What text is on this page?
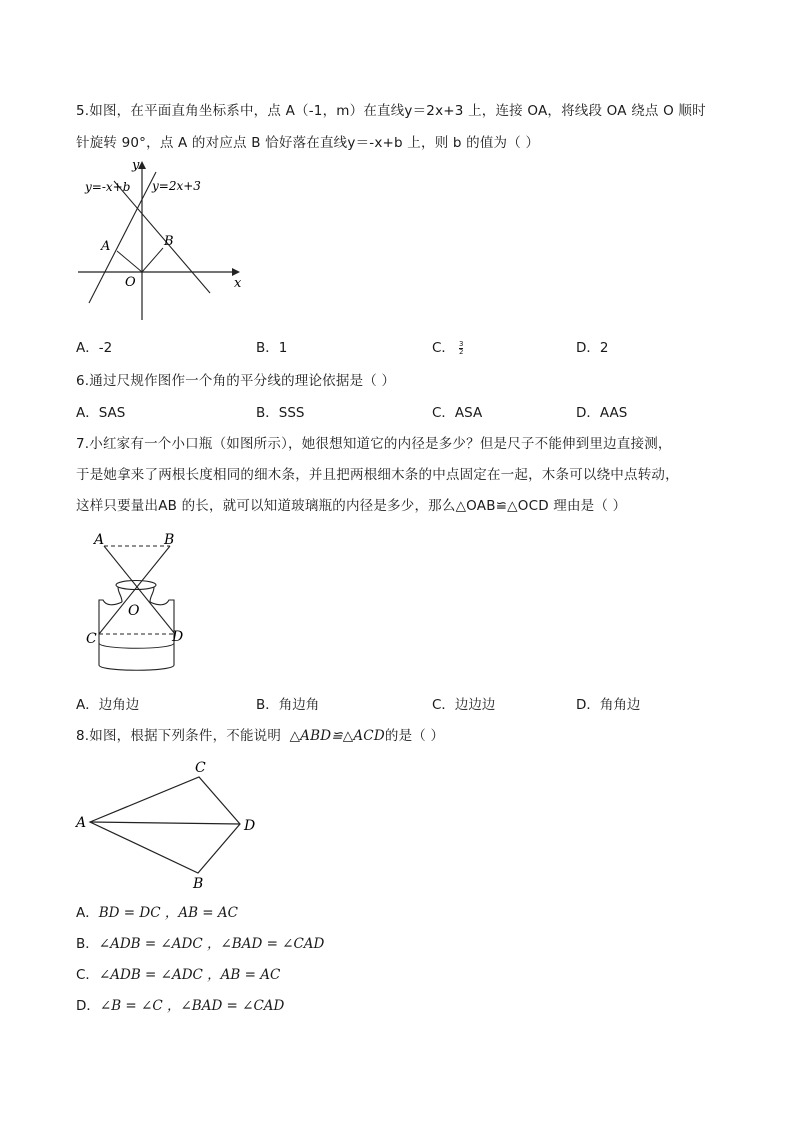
5.如图，在平面直角坐标系中，点 A（-1，m）在直线y＝2x+3 上，连接 OA，将线段 OA 绕点 O 顺时
针旋转 90°，点 A 的对应点 B 恰好落在直线y＝-x+b 上，则 b 的值为（ ）
y
x
O
A	B
y=-x+b y=2x+3
A．-2	B．1	C． $\frac{3}{2}$	D．2
6.通过尺规作图作一个角的平分线的理论依据是（ ）
A．SAS	B．SSS	C．ASA	D．AAS
7.小红家有一个小口瓶（如图所示），她很想知道它的内径是多少？但是尺子不能伸到里边直接测，
于是她拿来了两根长度相同的细木条，并且把两根细木条的中点固定在一起，木条可以绕中点转动，
这样只要量出AB 的长，就可以知道玻璃瓶的内径是多少，那么△OAB≌△OCD 理由是（ ）
A	B
O
C	D
A．边角边	B．角边角	C．边边边	D．角角边
8.如图，根据下列条件，不能说明 △ABD≌△ACD的是（ ）
A
C
D
B
A．BD = DC ，AB = AC
B．∠ADB = ∠ADC ，∠BAD = ∠CAD
C．∠ADB = ∠ADC ，AB = AC
D．∠B = ∠C ，∠BAD = ∠CAD
